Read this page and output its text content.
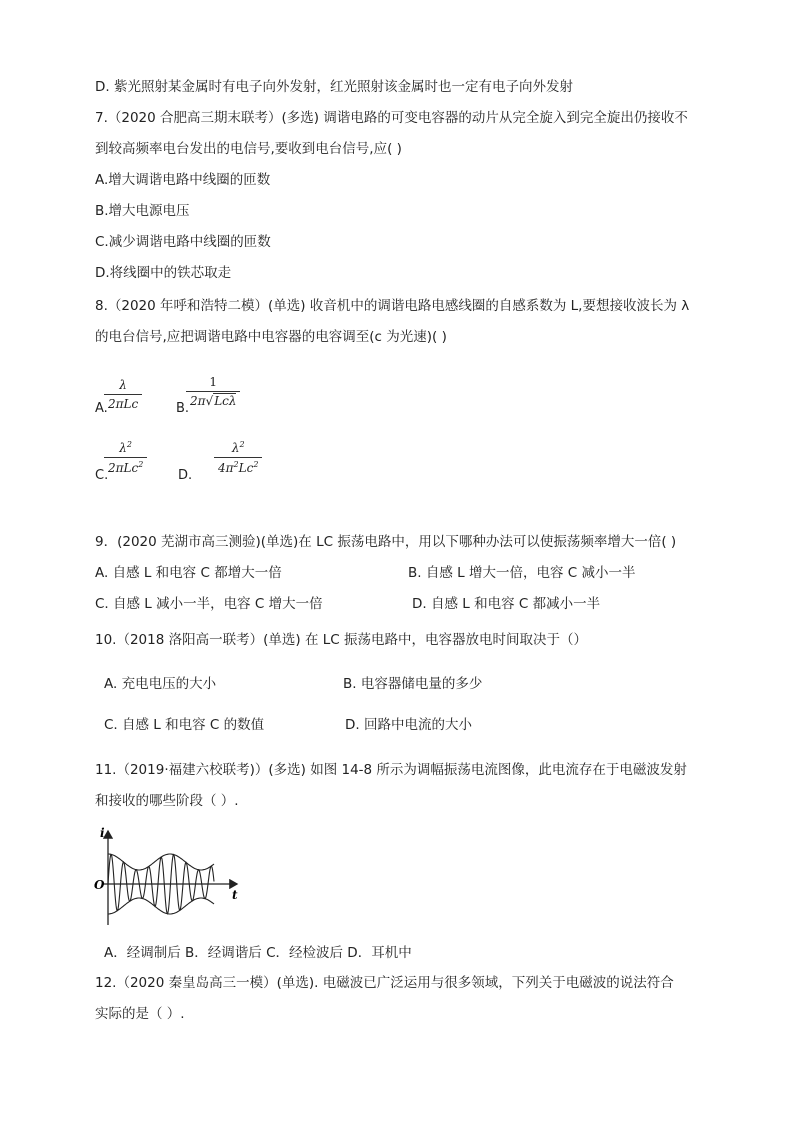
D. 紫光照射某金属时有电子向外发射，红光照射该金属时也一定有电子向外发射
7.（2020 合肥高三期末联考）(多选) 调谐电路的可变电容器的动片从完全旋入到完全旋出仍接收不
到较高频率电台发出的电信号,要收到电台信号,应( )
A.增大调谐电路中线圈的匝数
B.增大电源电压
C.减少调谐电路中线圈的匝数
D.将线圈中的铁芯取走
8.（2020 年呼和浩特二模）(单选) 收音机中的调谐电路电感线圈的自感系数为 L,要想接收波长为 λ
的电台信号,应把调谐电路中电容器的电容调至(c 为光速)( )
A.
λ
2πLc	B.
1
2π√Lcλ
C.
$\lambda^2$
2πLc$^2$
D.
$\frac{\lambda^2}{4\pi^2Lc^2}$
9．(2020 芜湖市高三测验)(单选)在 LC 振荡电路中，用以下哪种办法可以使振荡频率增大一倍( )
A. 自感 L 和电容 C 都增大一倍	B. 自感 L 增大一倍，电容 C 减小一半
C. 自感 L 减小一半，电容 C 增大一倍	D. 自感 L 和电容 C 都减小一半
10.（2018 洛阳高一联考）(单选) 在 LC 振荡电路中，电容器放电时间取决于（）
A. 充电电压的大小	B. 电容器储电量的多少
C. 自感 L 和电容 C 的数值	D. 回路中电流的大小
11.（2019·福建六校联考)）(多选) 如图 14-8 所示为调幅振荡电流图像，此电流存在于电磁波发射
和接收的哪些阶段（ ）.
i
t
O
A．经调制后 B．经调谐后 C．经检波后 D．耳机中
12.（2020 秦皇岛高三一模）(单选). 电磁波已广泛运用与很多领域，下列关于电磁波的说法符合
实际的是（ ）.
